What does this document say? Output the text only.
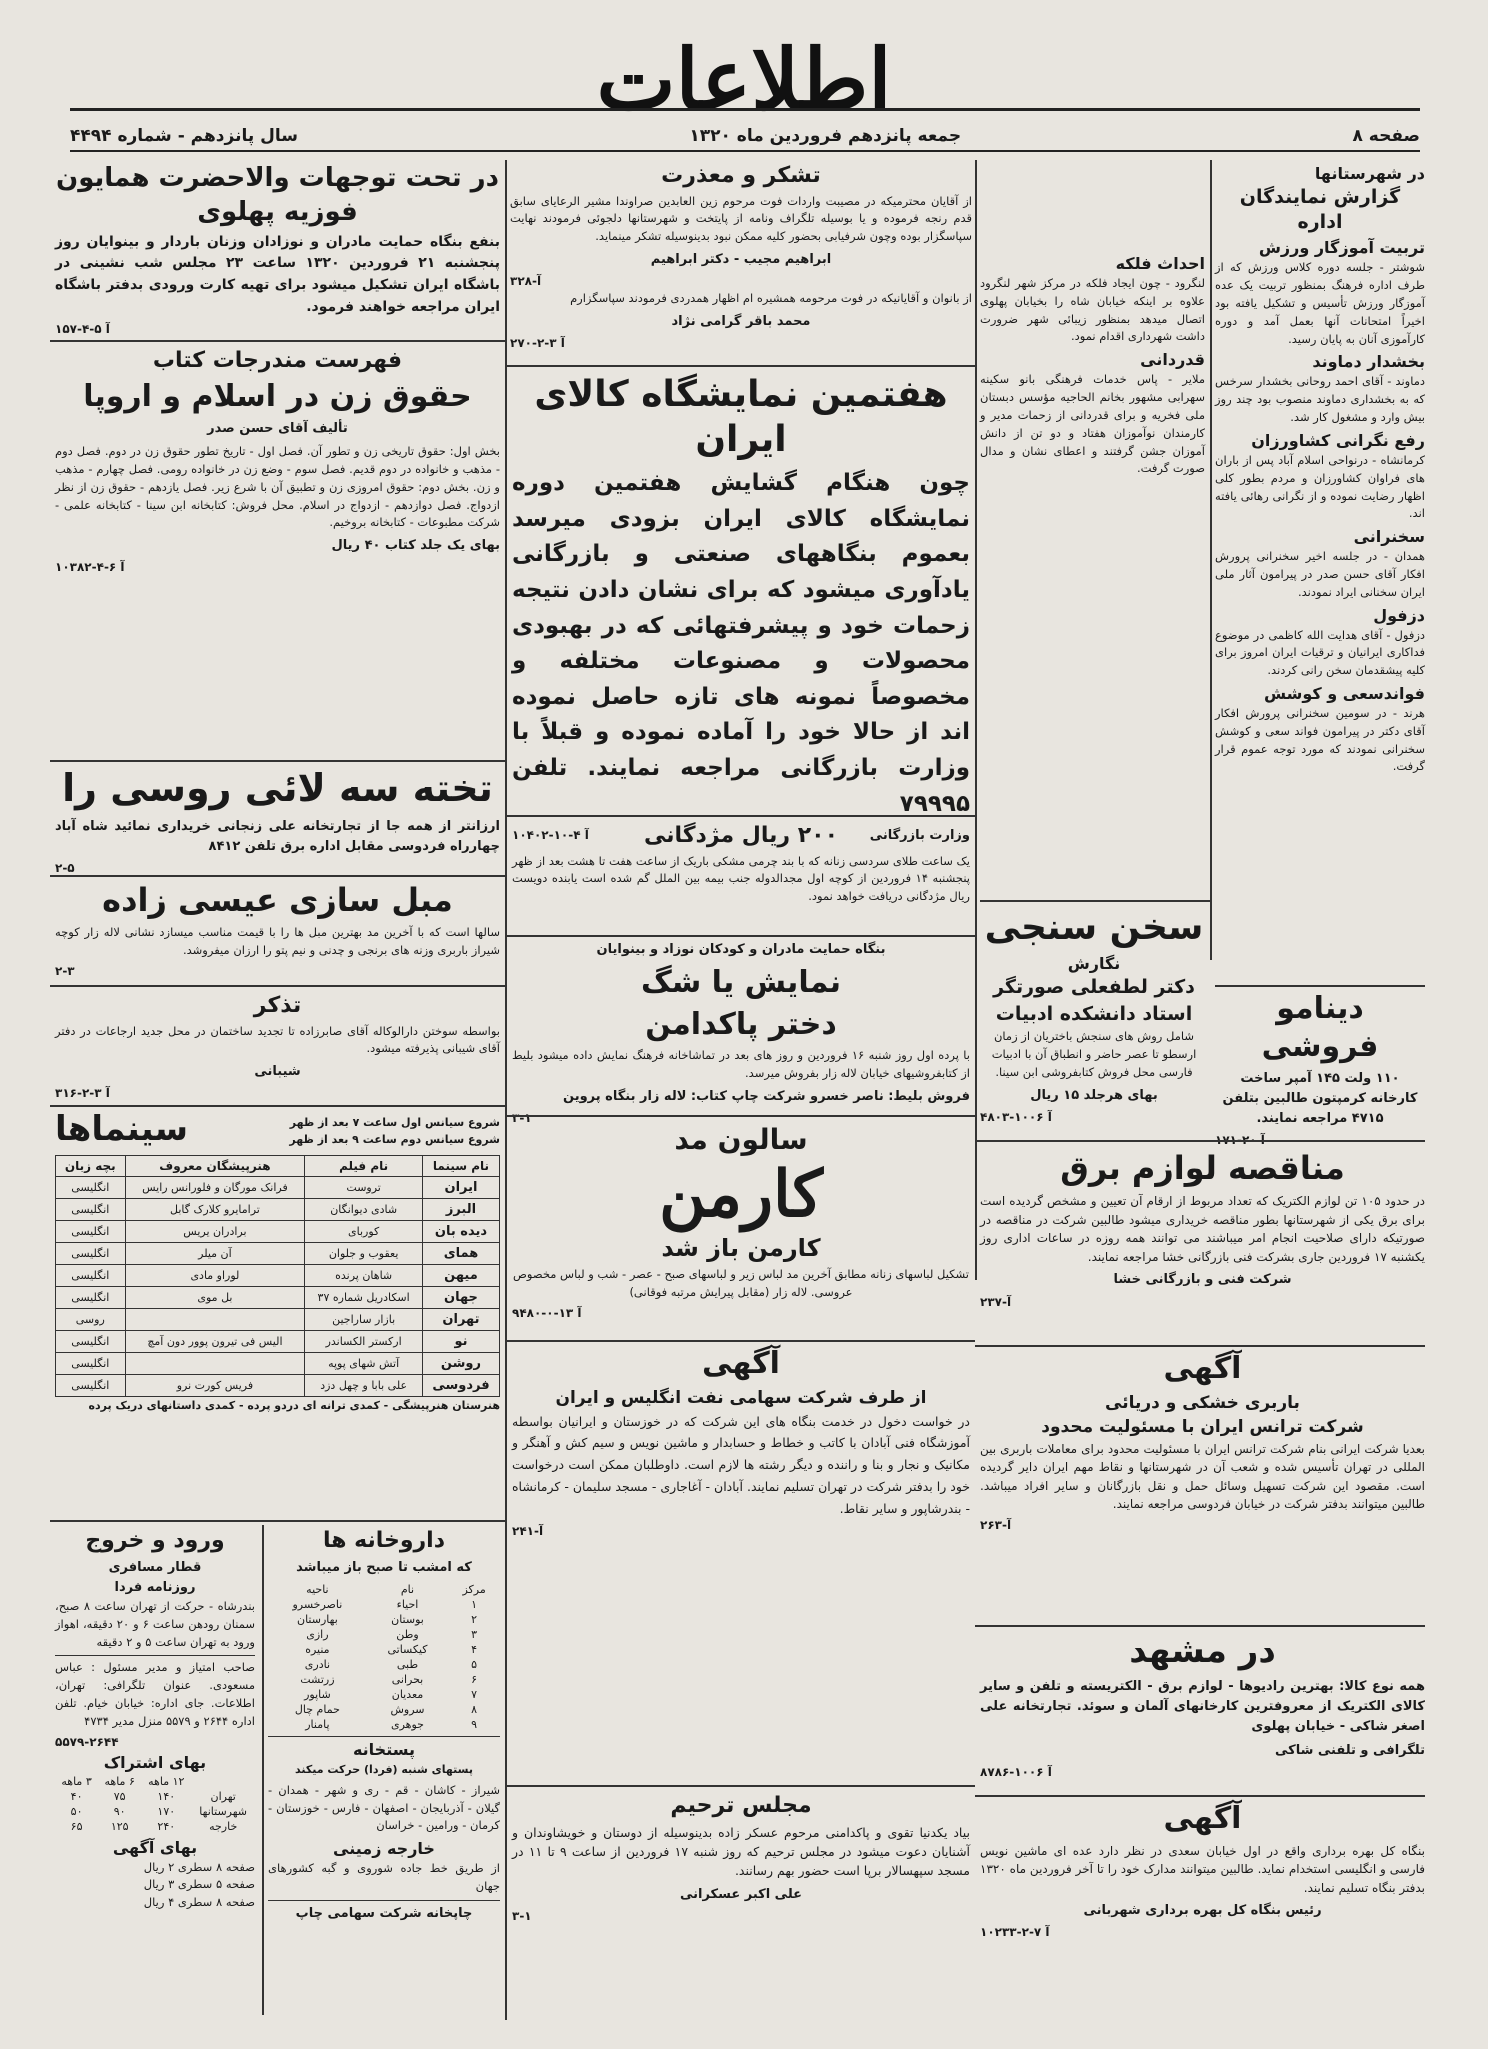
اطلاعات
صفحه ۸
جمعه پانزدهم فروردین ماه ۱۳۲۰
سال پانزدهم - شماره ۴۴۹۴
در شهرستانها
گزارش نمایندگان اداره
تربیت آموزگار ورزش
شوشتر - جلسه دوره کلاس ورزش که از طرف اداره فرهنگ بمنظور تربیت یک عده آموزگار ورزش تأسیس و تشکیل یافته بود اخیراً امتحانات آنها بعمل آمد و دوره کارآموزی آنان به پایان رسید.
بخشدار دماوند
دماوند - آقای احمد روحانی بخشدار سرخس که به بخشداری دماوند منصوب بود چند روز بیش وارد و مشغول کار شد.
رفع نگرانی کشاورزان
کرمانشاه - درنواحی اسلام آباد پس از باران های فراوان کشاورزان و مردم بطور کلی اظهار رضایت نموده و از نگرانی رهائی یافته اند.
سخنرانی
همدان - در جلسه اخیر سخنرانی پرورش افکار آقای حسن صدر در پیرامون آثار ملی ایران سخنانی ایراد نمودند.
دزفول
دزفول - آقای هدایت الله کاظمی در موضوع فداکاری ایرانیان و ترقیات ایران امروز برای کلیه پیشقدمان سخن رانی کردند.
فواندسعی و کوشش
هرند - در سومین سخنرانی پرورش افکار آقای دکتر در پیرامون فواند سعی و کوشش سخنرانی نمودند که مورد توجه عموم قرار گرفت.
احداث فلکه
لنگرود - چون ایجاد فلکه در مرکز شهر لنگرود علاوه بر اینکه خیابان شاه را بخیابان پهلوی اتصال میدهد بمنظور زیبائی شهر ضرورت داشت شهرداری اقدام نمود.
قدردانی
ملایر - پاس خدمات فرهنگی بانو سکینه سهرابی مشهور بخانم الحاجیه مؤسس دبستان ملی فخریه و برای قدردانی از زحمات مدیر و کارمندان نوآموزان هفتاد و دو تن از دانش آموزان جشن گرفتند و اعطای نشان و مدال صورت گرفت.
سخن سنجی
نگارش
دکتر لطفعلی صورتگر
استاد دانشکده ادبیات
شامل روش های سنجش باختریان از زمان ارسطو تا عصر حاضر و انطباق آن با ادبیات فارسی محل فروش کتابفروشی ابن سینا.
بهای هرجلد ۱۵ ریال
۴۸۰۳-آ ۱۰۰۶
دینامو فروشی
۱۱۰ ولت ۱۴۵ آمپر ساخت کارخانه کرمپتون طالبین بتلفن ۴۷۱۵ مراجعه نمایند.
۱۷۱-آ ۲۰
مناقصه لوازم برق
در حدود ۱۰۵ تن لوازم الکتریک که تعداد مربوط از ارقام آن تعیین و مشخص گردیده است برای برق یکی از شهرستانها بطور مناقصه خریداری میشود طالبین شرکت در مناقصه در صورتیکه دارای صلاحیت انجام امر میباشند می توانند همه روزه در ساعات اداری روز یکشنبه ۱۷ فروردین جاری بشرکت فنی بازرگانی خشا مراجعه نمایند.
شرکت فنی و بازرگانی خشا
۲۳۷-آ
آگهی
باربری خشکی و دریائی
شرکت ترانس ایران با مسئولیت محدود
بعدیا شرکت ایرانی بنام شرکت ترانس ایران با مسئولیت محدود برای معاملات باربری بین المللی در تهران تأسیس شده و شعب آن در شهرستانها و نقاط مهم ایران دایر گردیده است. مقصود این شرکت تسهیل وسائل حمل و نقل بازرگانان و سایر افراد میباشد. طالبین میتوانند بدفتر شرکت در خیابان فردوسی مراجعه نمایند.
۲۶۳-آ
در مشهد
همه نوع کالا: بهترین رادیوها - لوازم برق - الکتریسته و تلفن و سایر کالای الکتریک از معروفترین کارخانهای آلمان و سوئد. تجارتخانه علی اصغر شاکی - خیابان پهلوی
تلگرافی و تلفنی شاکی
۸۷۸۶-آ ۱۰۰۶
آگهی
بنگاه کل بهره برداری واقع در اول خیابان سعدی در نظر دارد عده ای ماشین نویس فارسی و انگلیسی استخدام نماید. طالبین میتوانند مدارک خود را تا آخر فروردین ماه ۱۳۲۰ بدفتر بنگاه تسلیم نمایند.
رئیس بنگاه کل بهره برداری شهربانی
۱۰۲۳۳-آ ۷-۲
تشکر و معذرت
از آقایان محترمیکه در مصیبت واردات فوت مرحوم زین العابدین صراوندا مشیر الرعایای سابق قدم رنجه فرموده و یا بوسیله تلگراف ونامه از پایتخت و شهرستانها دلجوئی فرمودند نهایت سپاسگزار بوده وچون شرفیابی بحضور کلیه ممکن نبود بدینوسیله تشکر مینماید.
ابراهیم مجیب - دکتر ابراهیم
۳۲۸-آ
از بانوان و آقایانیکه در فوت مرحومه همشیره ام اظهار همدردی فرمودند سپاسگزارم
محمد باقر گرامی نژاد
۲۷۰-آ ۳-۲
هفتمین نمایشگاه کالای ایران
چون هنگام گشایش هفتمین دوره نمایشگاه کالای ایران بزودی میرسد بعموم بنگاههای صنعتی و بازرگانی یادآوری میشود که برای نشان دادن نتیجه زحمات خود و پیشرفتهائی که در بهبودی محصولات و مصنوعات مختلفه و مخصوصاً نمونه های تازه حاصل نموده اند از حالا خود را آماده نموده و قبلاً با وزارت بازرگانی مراجعه نمایند. تلفن ۷۹۹۹۵
وزارت بازرگانی
۱۰۴۰۲-آ ۴-۱۰	۲۰۰ ریال مژدگانی
یک ساعت طلای سردسی زنانه که با بند چرمی مشکی باریک از ساعت هفت تا هشت بعد از ظهر پنجشنبه ۱۴ فروردین از کوچه اول مجدالدوله جنب بیمه بین الملل گم شده است یابنده دویست ریال مژدگانی دریافت خواهد نمود.
بنگاه حمایت مادران و کودکان نوزاد و بینوایان
نمایش یا شگ
دختر پاکدامن
با پرده اول روز شنبه ۱۶ فروردین و روز های بعد در تماشاخانه فرهنگ نمایش داده میشود بلیط از کتابفروشیهای خیابان لاله زار بفروش میرسد.
فروش بلیط: ناصر خسرو شرکت چاپ کتاب: لاله زار بنگاه پروین
۳-۱
سالون مد
کارمن
کارمن باز شد
تشکیل لباسهای زنانه مطابق آخرین مد لباس زیر و لباسهای صبح - عصر - شب و لباس مخصوص عروسی. لاله زار (مقابل پیرایش مرتبه فوقانی)
۹۴۸۰-آ ۱۳-۰
آگهی
از طرف شرکت سهامی نفت انگلیس و ایران
در خواست دخول در خدمت بنگاه های این شرکت که در خوزستان و ایرانیان بواسطه آموزشگاه فنی آبادان با کاتب و خطاط و حسابدار و ماشین نویس و سیم کش و آهنگر و مکانیک و نجار و بنا و راننده و دیگر رشته ها لازم است. داوطلبان ممکن است درخواست خود را بدفتر شرکت در تهران تسلیم نمایند. آبادان - آغاجاری - مسجد سلیمان - کرمانشاه - بندرشاپور و سایر نقاط.
۲۴۱-آ
مجلس ترحیم
بیاد یکدنیا تقوی و پاکدامنی مرحوم عسکر زاده بدینوسیله از دوستان و خویشاوندان و آشنایان دعوت میشود در مجلس ترحیم که روز شنبه ۱۷ فروردین از ساعت ۹ تا ۱۱ در مسجد سپهسالار برپا است حضور بهم رسانند.
علی اکبر عسکرانی
۳-۱
در تحت توجهات والاحضرت همایون فوزیه پهلوی
بنفع بنگاه حمایت مادران و نوزادان وزنان باردار و بینوایان روز پنجشنبه ۲۱ فروردین ۱۳۲۰ ساعت ۲۳ مجلس شب نشینی در باشگاه ایران تشکیل میشود برای تهیه کارت ورودی بدفتر باشگاه ایران مراجعه خواهند فرمود.
۱۵۷-آ ۵-۴
فهرست مندرجات کتاب
حقوق زن در اسلام و اروپا
تألیف آقای حسن صدر
بخش اول: حقوق تاریخی زن و تطور آن. فصل اول - تاریخ تطور حقوق زن در دوم. فصل دوم - مذهب و خانواده در دوم قدیم. فصل سوم - وضع زن در خانواده رومی. فصل چهارم - مذهب و زن. بخش دوم: حقوق امروزی زن و تطبیق آن با شرع زیر. فصل یازدهم - حقوق زن از نظر ازدواج. فصل دوازدهم - ازدواج در اسلام. محل فروش: کتابخانه ابن سینا - کتابخانه علمی - شرکت مطبوعات - کتابخانه بروخیم.
بهای یک جلد کتاب ۴۰ ریال
۱۰۳۸۲-آ ۶-۴
تخته سه لائی روسی را
ارزانتر از همه جا از تجارتخانه علی زنجانی خریداری نمائید شاه آباد چهارراه فردوسی مقابل اداره برق تلفن ۸۴۱۲
۲-۵
مبل سازی عیسی زاده
سالها است که با آخرین مد بهترین مبل ها را با قیمت مناسب میسازد نشانی لاله زار کوچه شیراز باربری وزنه های برنجی و چدنی و نیم پتو را ارزان میفروشد.
۲-۳
تذکر
بواسطه سوختن دارالوکاله آقای صابرزاده تا تجدید ساختمان در محل جدید ارجاعات در دفتر آقای شیبانی پذیرفته میشود.
شیبانی
۳۱۶-آ ۳-۲
شروع سیانس اول ساعت ۷ بعد از ظهر
شروع سیانس دوم ساعت ۹ بعد از ظهر
سینماها
نام سینما	نام فیلم	هنرپیشگان معروف	بچه زبان
ایران	تروست	فرانک مورگان و فلورانس رایس	انگلیسی
البرز	شادی دیوانگان	ترامایرو کلارک گابل	انگلیسی
دیده بان	کوربای	برادران یریس	انگلیسی
همای	یعقوب و جلوان	آن میلر	انگلیسی
میهن	شاهان پرنده	لوراو مادی	انگلیسی
جهان	اسکادریل شماره ۳۷	بل موی	انگلیسی
تهران	بازار ساراجین		روسی
نو	ارکستر الکساندر	الیس فی تیرون پوور دون آمچ	انگلیسی
روشن	آتش شهای پوپه		انگلیسی
فردوسی	علی بابا و چهل دزد	فریس کورت نرو	انگلیسی
هنرستان هنرپیشگی - کمدی ترانه ای دردو پرده - کمدی داستانهای دریک پرده
ورود و خروج
قطار مسافری
روزنامه فردا
بندرشاه - حرکت از تهران ساعت ۸ صبح، سمنان رودهن ساعت ۶ و ۲۰ دقیقه، اهواز ورود به تهران ساعت ۵ و ۲ دقیقه
صاحب امتیاز و مدیر مسئول : عباس مسعودی. عنوان تلگرافی: تهران، اطلاعات. جای اداره: خیابان خیام. تلفن اداره ۲۶۴۴ و ۵۵۷۹ منزل مدیر ۴۷۳۴
۵۵۷۹-۲۶۴۴
بهای اشتراک
	۱۲ ماهه	۶ ماهه	۳ ماهه
تهران	۱۴۰	۷۵	۴۰
شهرستانها	۱۷۰	۹۰	۵۰
خارجه	۲۴۰	۱۲۵	۶۵
بهای آگهی
صفحه ۸ سطری ۲ ریال
صفحه ۵ سطری ۳ ریال
صفحه ۸ سطری ۴ ریال
داروخانه ها
که امشب تا صبح باز میباشد
مرکز	نام	ناحیه
۱	احیاء	ناصرخسرو
۲	بوستان	بهارستان
۳	وطن	رازی
۴	کیکساتی	منیره
۵	طبی	نادری
۶	بحرانی	زرتشت
۷	معدیان	شاپور
۸	سروش	حمام چال
۹	جوهری	پامنار
پستخانه
پستهای شنبه (فردا) حرکت میکند
شیراز - کاشان - قم - ری و شهر - همدان - گیلان - آذربایجان - اصفهان - فارس - خوزستان - کرمان - ورامین - خراسان
خارجه زمینی
از طریق خط جاده شوروی و گبه کشورهای جهان
چاپخانه شرکت سهامی چاپ
